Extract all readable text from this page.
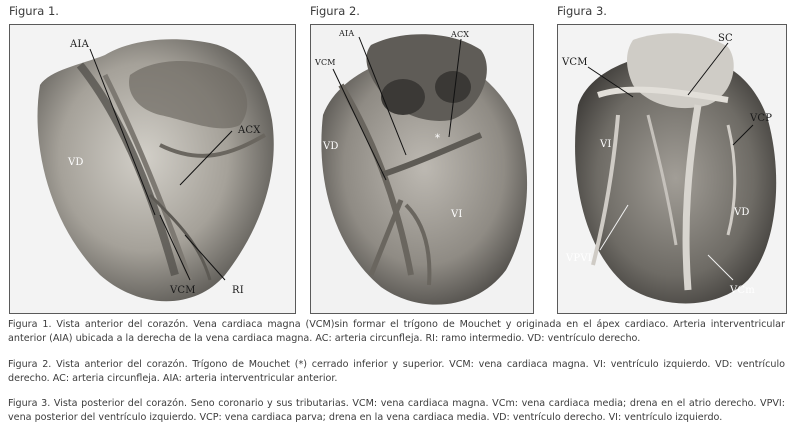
Figura 1.	Figura 2.	Figura 3.
AIA
ACX
VD
VCM	RI
AIA	ACX
VCM
VD
VI
*
SC
VCM
VCP
VI
VD
VPVI
VCm
Figura 1. Vista anterior del corazón. Vena cardiaca magna (VCM)sin formar el trígono de Mouchet y originada en el ápex cardiaco. Arteria interventricular anterior (AIA) ubicada a la derecha de la vena cardiaca magna. AC: arteria circunfleja. RI: ramo intermedio. VD: ventrículo derecho.
Figura 2. Vista anterior del corazón. Trígono de Mouchet (*) cerrado inferior y superior. VCM: vena cardiaca magna. VI: ventrículo izquierdo. VD: ventrículo derecho. AC: arteria circunfleja. AIA: arteria interventricular anterior.
Figura 3. Vista posterior del corazón. Seno coronario y sus tributarias. VCM: vena cardiaca magna. VCm: vena cardiaca media; drena en el atrio derecho. VPVI: vena posterior del ventrículo izquierdo. VCP: vena cardiaca parva; drena en la vena cardiaca media. VD: ventrículo derecho. VI: ventrículo izquierdo.
